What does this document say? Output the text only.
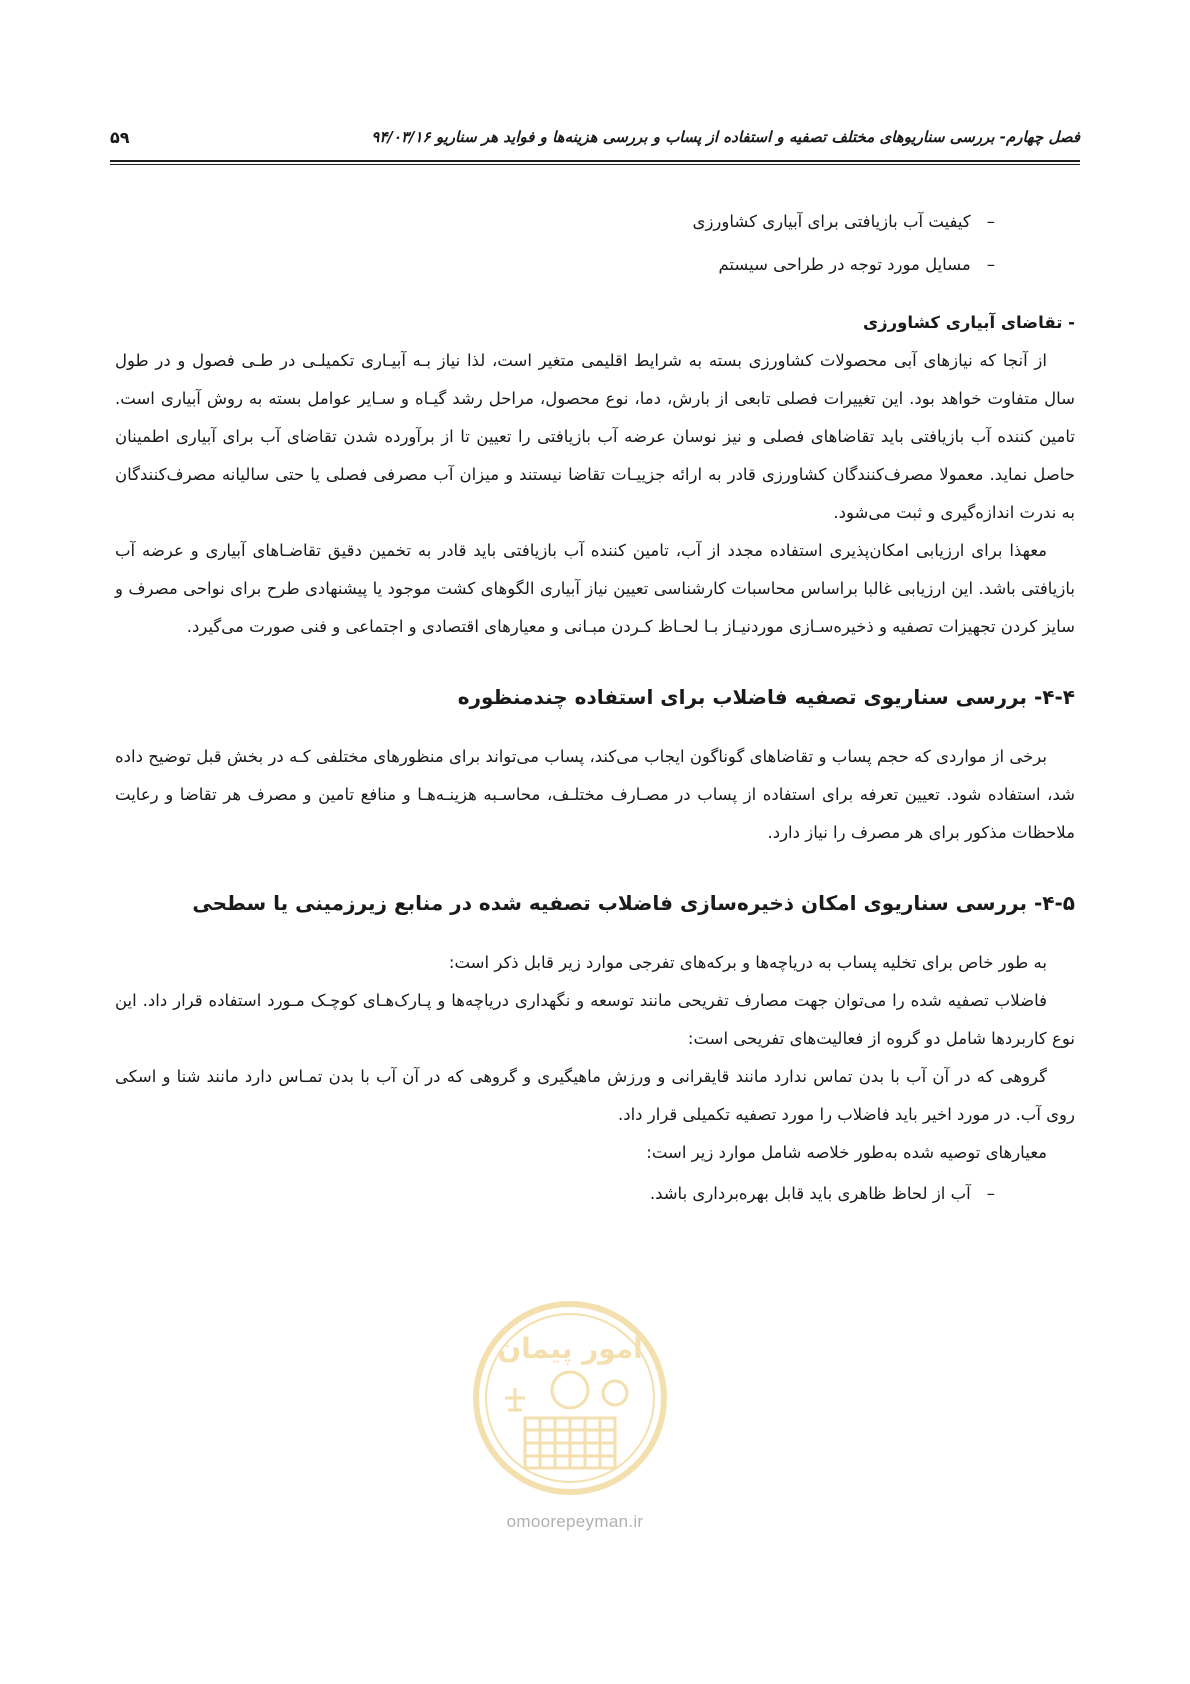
فصل چهارم- بررسی سناریوهای مختلف تصفیه و استفاده از پساب و بررسی هزینه‌ها و فواید هر سناریو ۹۴/۰۳/۱۶
۵۹
–کیفیت آب بازیافتی برای آبیاری کشاورزی
–مسایل مورد توجه در طراحی سیستم
- تقاضای آبیاری کشاورزی

از آنجا که نیازهای آبی محصولات کشاورزی بسته به شرایط اقلیمی متغیر است، لذا نیاز بـه آبیـاری تکمیلـی در طـی فصول و در طول سال متفاوت خواهد بود. این تغییرات فصلی تابعی از بارش، دما، نوع محصول، مراحل رشد گیـاه و سـایر عوامل بسته به روش آبیاری است. تامین کننده آب بازیافتی باید تقاضاهای فصلی و نیز نوسان عرضه آب بازیافتی را تعیین تا از برآورده شدن تقاضای آب برای آبیاری اطمینان حاصل نماید. معمولا مصرف‌کنندگان کشاورزی قادر به ارائه جزییـات تقاضا نیستند و میزان آب مصرفی فصلی یا حتی سالیانه مصرف‌کنندگان به ندرت اندازه‌گیری و ثبت می‌شود.

معهذا برای ارزیابی امکان‌پذیری استفاده مجدد از آب، تامین کننده آب بازیافتی باید قادر به تخمین دقیق تقاضـاهای آبیاری و عرضه آب بازیافتی باشد. این ارزیابی غالبا براساس محاسبات کارشناسی تعیین نیاز آبیاری الگوهای کشت موجود یا پیشنهادی طرح برای نواحی مصرف و سایز کردن تجهیزات تصفیه و ذخیره‌سـازی موردنیـاز بـا لحـاظ کـردن مبـانی و معیارهای اقتصادی و اجتماعی و فنی صورت می‌گیرد.

۴-۴- بررسی سناریوی تصفیه فاضلاب برای استفاده چندمنظوره

برخی از مواردی که حجم پساب و تقاضاهای گوناگون ایجاب می‌کند، پساب می‌تواند برای منظورهای مختلفی کـه در بخش قبل توضیح داده شد، استفاده شود. تعیین تعرفه برای استفاده از پساب در مصـارف مختلـف، محاسـبه هزینـه‌هـا و منافع تامین و مصرف هر تقاضا و رعایت ملاحظات مذکور برای هر مصرف را نیاز دارد.

۴-۵- بررسی سناریوی امکان ذخیره‌سازی فاضلاب تصفیه شده در منابع زیرزمینی یا سطحی

به طور خاص برای تخلیه پساب به دریاچه‌ها و برکه‌های تفرجی موارد زیر قابل ذکر است:

فاضلاب تصفیه شده را می‌توان جهت مصارف تفریحی مانند توسعه و نگهداری دریاچه‌ها و پـارک‌هـای کوچـک مـورد استفاده قرار داد. این نوع کاربردها شامل دو گروه از فعالیت‌های تفریحی است:

گروهی که در آن آب با بدن تماس ندارد مانند قایقرانی و ورزش ماهیگیری و گروهی که در آن آب با بدن تمـاس دارد مانند شنا و اسکی روی آب. در مورد اخیر باید فاضلاب را مورد تصفیه تکمیلی قرار داد.

معیارهای توصیه شده به‌طور خلاصه شامل موارد زیر است:

–آب از لحاظ ظاهری باید قابل بهره‌برداری باشد.
امور پیمان
omoorepeyman.ir
